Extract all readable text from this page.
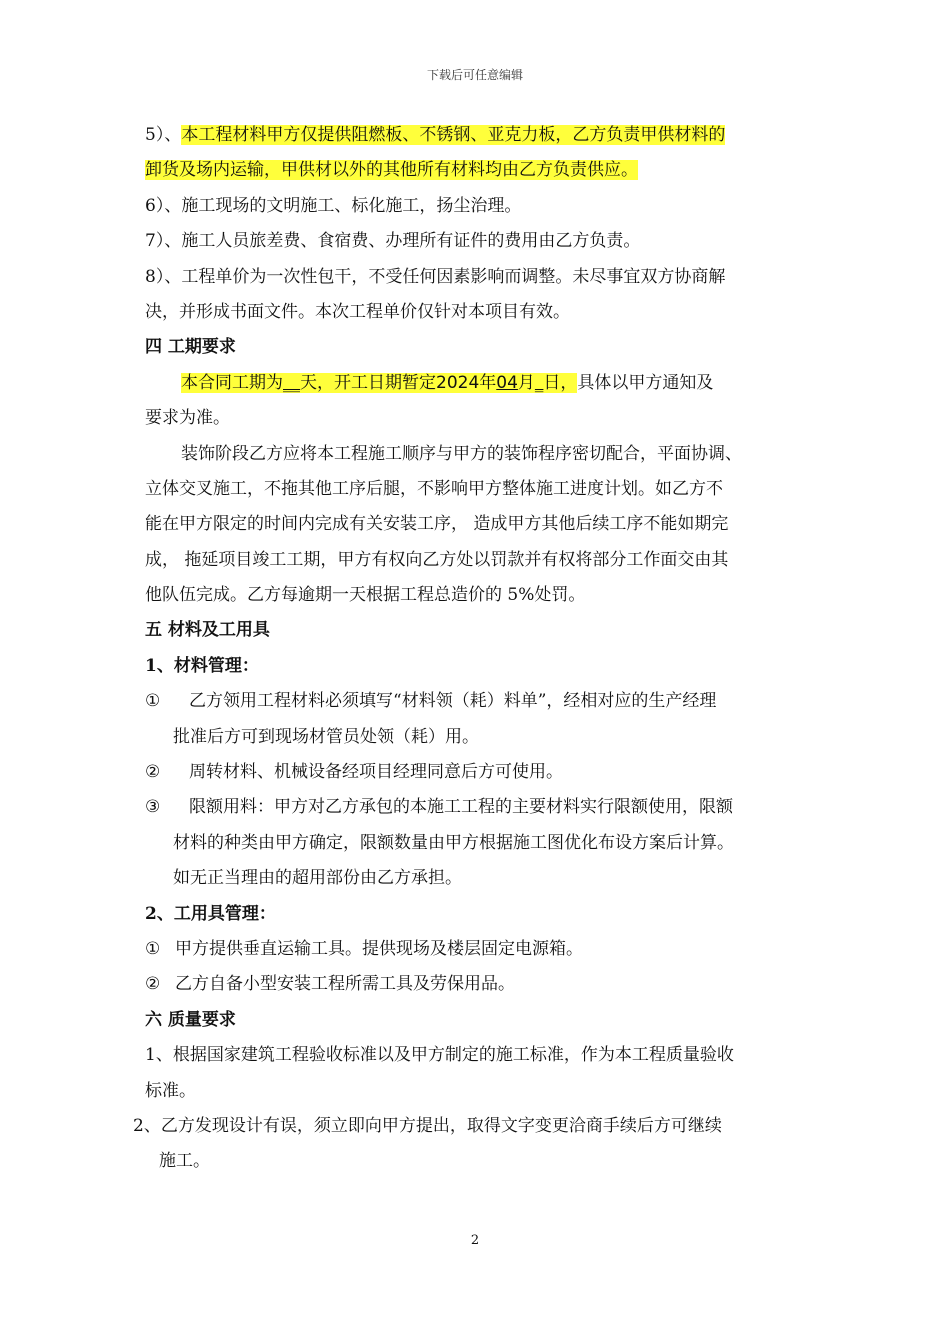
下载后可任意编辑
5）、本工程材料甲方仅提供阻燃板、不锈钢、亚克力板，乙方负责甲供材料的
卸货及场内运输，甲供材以外的其他所有材料均由乙方负责供应。
6）、施工现场的文明施工、标化施工，扬尘治理。
7）、施工人员旅差费、食宿费、办理所有证件的费用由乙方负责。
8）、工程单价为一次性包干，不受任何因素影响而调整。未尽事宜双方协商解
决，并形成书面文件。本次工程单价仅针对本项目有效。
四 工期要求
本合同工期为__天，开工日期暂定2024年04月_日，具体以甲方通知及
要求为准。
装饰阶段乙方应将本工程施工顺序与甲方的装饰程序密切配合，平面协调、
立体交叉施工，不拖其他工序后腿，不影响甲方整体施工进度计划。如乙方不
能在甲方限定的时间内完成有关安装工序， 造成甲方其他后续工序不能如期完
成， 拖延项目竣工工期，甲方有权向乙方处以罚款并有权将部分工作面交由其
他队伍完成。乙方每逾期一天根据工程总造价的 5%处罚。
五 材料及工用具
1、材料管理：
① 乙方领用工程材料必须填写“材料领（耗）料单”，经相对应的生产经理
批准后方可到现场材管员处领（耗）用。
② 周转材料、机械设备经项目经理同意后方可使用。
③ 限额用料：甲方对乙方承包的本施工工程的主要材料实行限额使用，限额
材料的种类由甲方确定，限额数量由甲方根据施工图优化布设方案后计算。
如无正当理由的超用部份由乙方承担。
2、工用具管理：
① 甲方提供垂直运输工具。提供现场及楼层固定电源箱。
② 乙方自备小型安装工程所需工具及劳保用品。
六 质量要求
1、根据国家建筑工程验收标准以及甲方制定的施工标准，作为本工程质量验收
标准。
2、乙方发现设计有误，须立即向甲方提出，取得文字变更洽商手续后方可继续
施工。
2
